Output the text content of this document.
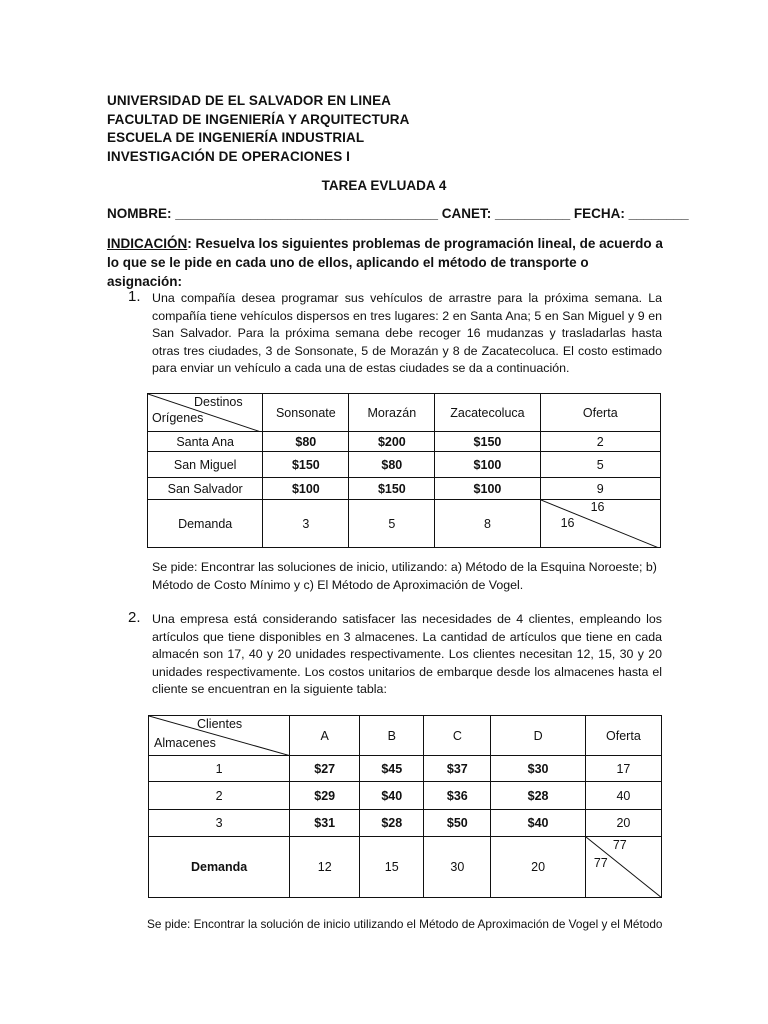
UNIVERSIDAD DE EL SALVADOR EN LINEA
FACULTAD DE INGENIERÍA Y ARQUITECTURA
ESCUELA DE INGENIERÍA INDUSTRIAL
INVESTIGACIÓN DE OPERACIONES I
TAREA EVLUADA 4
NOMBRE: ___________________________________ CANET: __________ FECHA: ________
INDICACIÓN: Resuelva los siguientes problemas de programación lineal, de acuerdo a lo que se le pide en cada uno de ellos, aplicando el método de transporte o asignación:
1. Una compañía desea programar sus vehículos de arrastre para la próxima semana. La compañía tiene vehículos dispersos en tres lugares: 2 en Santa Ana; 5 en San Miguel y 9 en San Salvador. Para la próxima semana debe recoger 16 mudanzas y trasladarlas hasta otras tres ciudades, 3 de Sonsonate, 5 de Morazán y 8 de Zacatecoluca. El costo estimado para enviar un vehículo a cada una de estas ciudades se da a continuación.
Destinos
Orígenes	Sonsonate	Morazán	Zacatecoluca	Oferta
Santa Ana	$80	$200	$150	2
San Miguel	$150	$80	$100	5
San Salvador	$100	$150	$100	9
Demanda	3	5	8	16
16
Se pide: Encontrar las soluciones de inicio, utilizando: a) Método de la Esquina Noroeste; b) Método de Costo Mínimo y c) El Método de Aproximación de Vogel.
2. Una empresa está considerando satisfacer las necesidades de 4 clientes, empleando los artículos que tiene disponibles en 3 almacenes. La cantidad de artículos que tiene en cada almacén son 17, 40 y 20 unidades respectivamente. Los clientes necesitan 12, 15, 30 y 20 unidades respectivamente. Los costos unitarios de embarque desde los almacenes hasta el cliente se encuentran en la siguiente tabla:
Clientes
Almacenes	A	B	C	D	Oferta
1	$27	$45	$37	$30	17
2	$29	$40	$36	$28	40
3	$31	$28	$50	$40	20
Demanda	12	15	30	20	77
77
Se pide: Encontrar la solución de inicio utilizando el Método de Aproximación de Vogel y el Método
